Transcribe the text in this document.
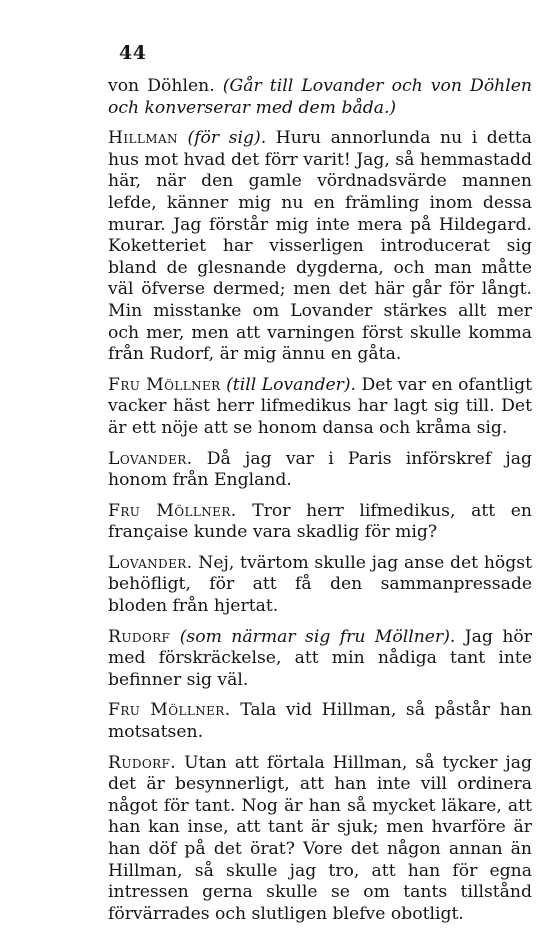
44

von Döhlen. (Går till Lovander och von Döhlen och konverserar med dem båda.)

Hillman (för sig). Huru annorlunda nu i detta hus mot hvad det förr varit! Jag, så hemmastadd här, när den gamle vördnadsvärde mannen lefde, känner mig nu en främling inom dessa murar. Jag förstår mig inte mera på Hildegard. Koketteriet har visserligen introducerat sig bland de glesnande dygderna, och man måtte väl öfverse dermed; men det här går för långt. Min misstanke om Lovander stärkes allt mer och mer, men att varningen först skulle komma från Rudorf, är mig ännu en gåta.

Fru Möllner (till Lovander). Det var en ofantligt vacker häst herr lifmedikus har lagt sig till. Det är ett nöje att se honom dansa och kråma sig.

Lovander. Då jag var i Paris införskref jag honom från England.

Fru Möllner. Tror herr lifmedikus, att en française kunde vara skadlig för mig?

Lovander. Nej, tvärtom skulle jag anse det högst behöfligt, för att få den sammanpressade bloden från hjertat.

Rudorf (som närmar sig fru Möllner). Jag hör med förskräckelse, att min nådiga tant inte befinner sig väl.

Fru Möllner. Tala vid Hillman, så påstår han motsatsen.

Rudorf. Utan att förtala Hillman, så tycker jag det är besynnerligt, att han inte vill ordinera något för tant. Nog är han så mycket läkare, att han kan inse, att tant är sjuk; men hvarföre är han döf på det örat? Vore det någon annan än Hillman, så skulle jag tro, att han för egna intressen gerna skulle se om tants tillstånd förvärrades och slutligen blefve obotligt.
